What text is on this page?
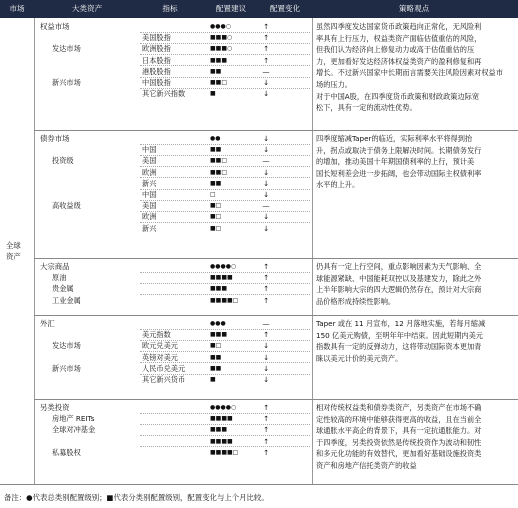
市场	大类资产	指标	配置建议	配置变化	策略观点
全球
资产
权益市场	●●●○	↑
美国股指	■■■○	↑
发达市场	欧洲股指	■■■○	↑
日本股指	■■■	↑
港股股指	■■	—
新兴市场	中国股指	■■□	↓
其它新兴指数	■	↓
虽然四季度发达国家货币政策趋向正常化，无风险利
率具有上行压力，权益类资产面临估值重估的风险，
但我们认为经济向上修复动力或高于估值重估的压
力，更加看好发达经济体权益类资产的盈利修复和再
增长。不过新兴国家中长期而言需要关注风险因素对权益市
场的压力。
对于中国A股，在四季度货币政策和财政政策边际宽
松下，具有一定的流动性优势。
债券市场	●●	↓
中国	■■	↓
投资级	美国	■■□	—
欧洲	■■□	↓
新兴	■■	↓
中国	□	↓
高收益级	美国	■□	—
欧洲	■□	↓
新兴	■□	↓
四季度缩减Taper的临近，实际利率水平将得到抬
升，拐点或取决于债务上限解决时间。长期债务发行
的增加，推动美国十年期国债利率的上行，预计美
国长短利差会进一步拓阔，也会带动国际主权债利率
水平的上升。
大宗商品	●●●●○	↑
原油	■■■■	↑
贵金属	■■■	↑
工业金属	■■■■□	↑
仍具有一定上行空间，重点影响因素为天气影响、全
球能源紧缺、中国能耗双控以及基建发力，除此之外
上半年影响大宗的四大逻辑仍然存在，预计对大宗商
品价格形成持续性影响。
外汇	●●●	—
美元指数	■■■	↑
发达市场	欧元兑美元	■□	↓
英镑对美元	■■	↓
新兴市场	人民币兑美元	■■	↓
其它新兴货币	■	↓
Taper 或在 11 月宣布，12 月落地实施，若每月缩减
150 亿美元购债，至明年年中结束。因此短期内美元
指数具有一定的反弹动力，这将带动国际资本更加青
睐以美元计价的美元资产。
另类投资	●●●●○	↑
房地产 REITs	■■■■	↑
全球对冲基金	■■■	↑
■■■■	↑
私募股权	■■■■□	↑
相对传统权益类和债券类资产，另类资产在市场不确
定性较高的环境中能够获得更高的收益，且在当前全
球通胀水平高企的背景下，具有一定抗通胀能力。对
于四季度，另类投资依然是传统投资作为波动和韧性
和多元化功能的有效替代，更加看好基础设施投资类
资产和房地产信托类资产的收益
备注：●代表总类别配置级别；■代表分类别配置级别，配置变化与上个月比较。
